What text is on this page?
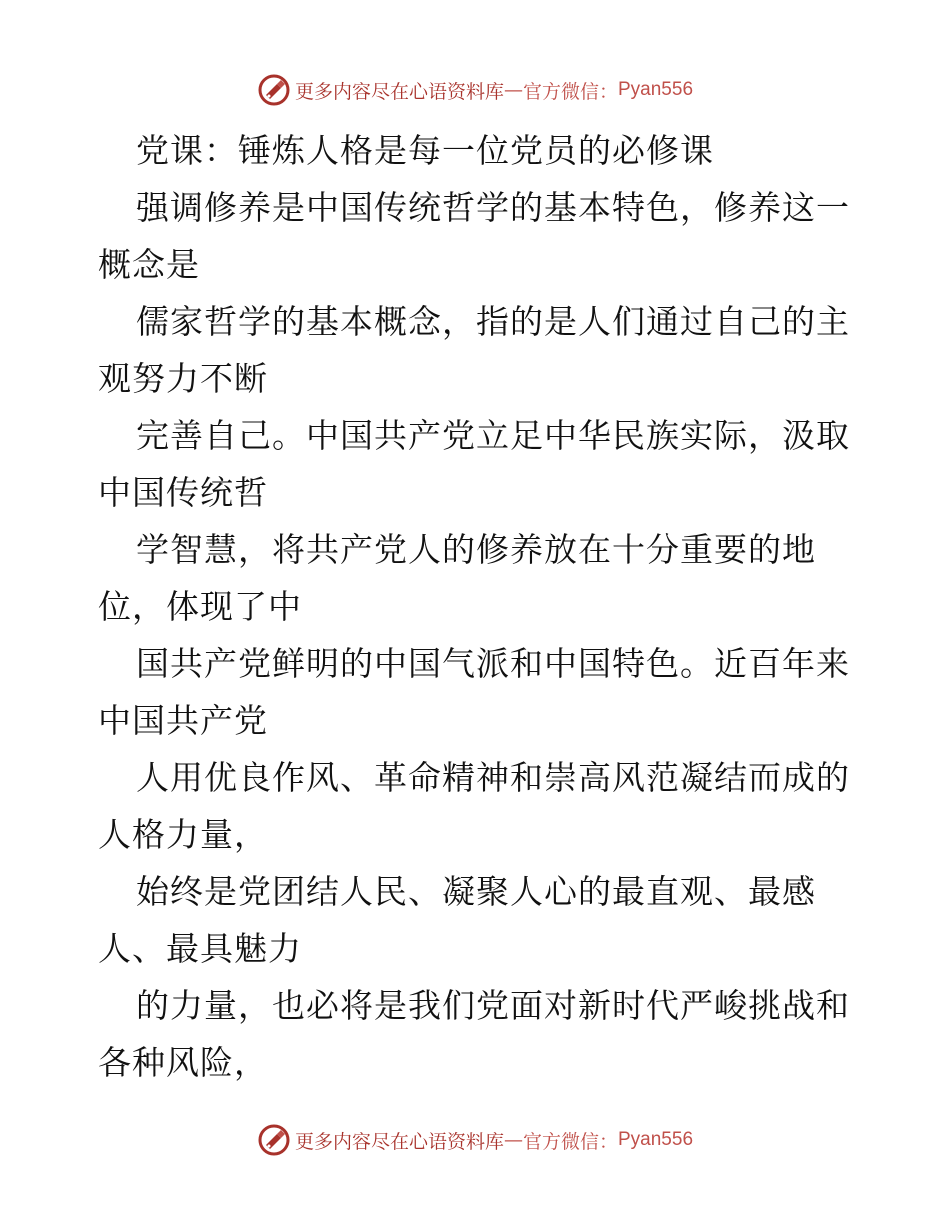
更多内容尽在心语资料库 — 官方微信： Pyan556
党课：锤炼人格是每一位党员的必修课
强调修养是中国传统哲学的基本特色，修养这一
概念是
儒家哲学的基本概念，指的是人们通过自己的主
观努力不断
完善自己。中国共产党立足中华民族实际，汲取
中国传统哲
学智慧，将共产党人的修养放在十分重要的地
位，体现了中
国共产党鲜明的中国气派和中国特色。近百年来
中国共产党
人用优良作风、革命精神和崇高风范凝结而成的
人格力量，
始终是党团结人民、凝聚人心的最直观、最感
人、最具魅力
的力量，也必将是我们党面对新时代严峻挑战和
各种风险，
更多内容尽在心语资料库 — 官方微信： Pyan556
